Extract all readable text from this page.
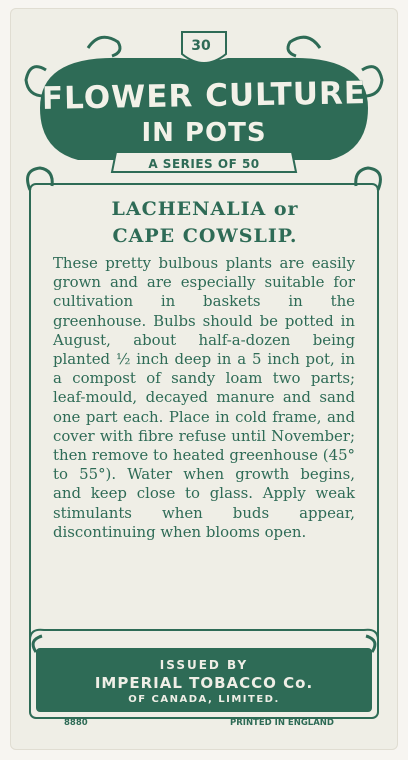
30
FLOWER CULTURE
IN POTS
A SERIES OF 50
LACHENALIA or
CAPE COWSLIP.
These pretty bulbous plants are easily grown and are especially suitable for cultivation in baskets in the greenhouse. Bulbs should be potted in August, about half-a-dozen being planted ½ inch deep in a 5 inch pot, in a compost of sandy loam two parts; leaf-mould, decayed manure and sand one part each. Place in cold frame, and cover with fibre refuse until November; then remove to heated greenhouse (45° to 55°). Water when growth begins, and keep close to glass. Apply weak stimulants when buds appear, discontinuing when blooms open.
ISSUED BY
IMPERIAL TOBACCO Co.
OF CANADA, LIMITED.
8880	PRINTED IN ENGLAND
